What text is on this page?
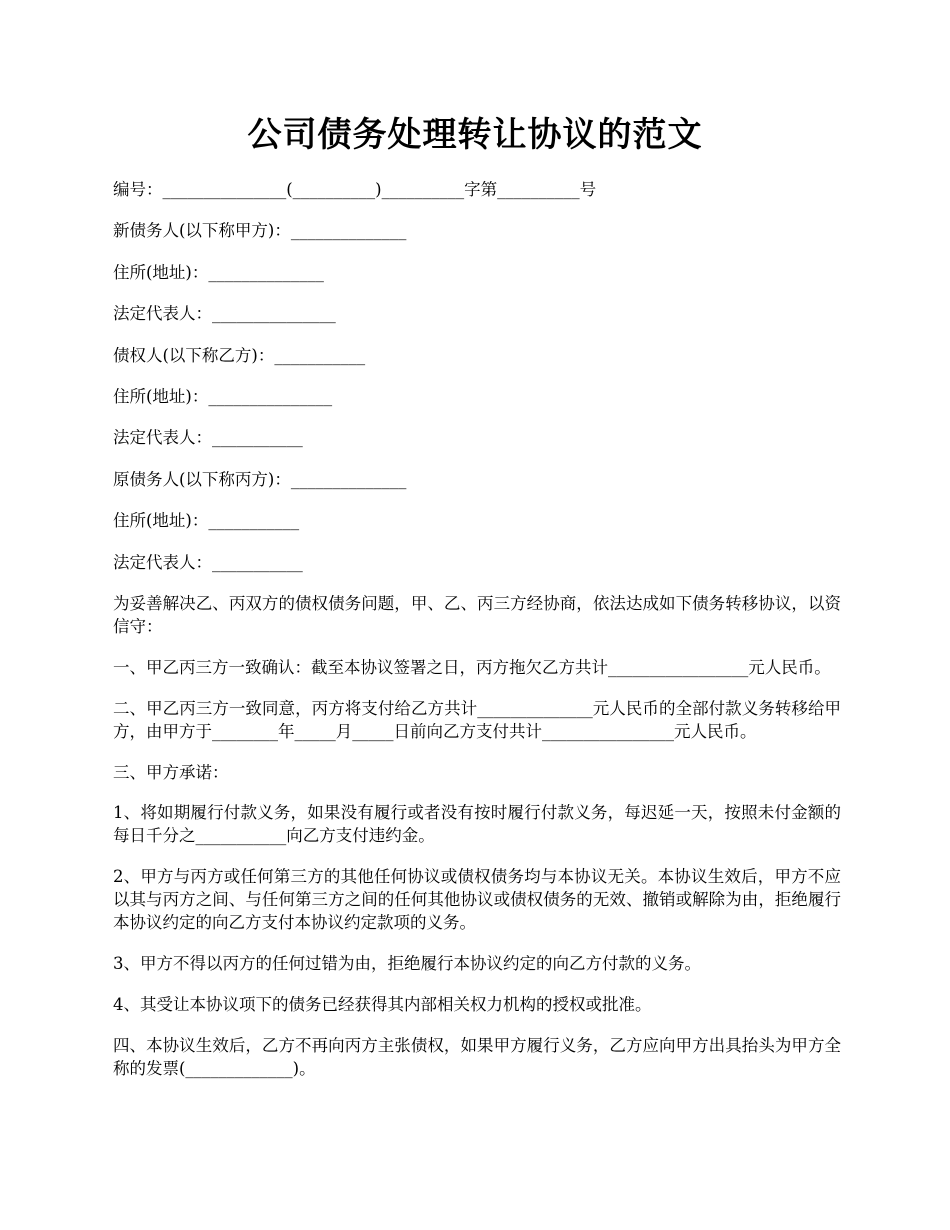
公司债务处理转让协议的范文
编号：_______________(__________)__________字第__________号
新债务人(以下称甲方)：______________
住所(地址)：______________
法定代表人：_______________
债权人(以下称乙方)：___________
住所(地址)：_______________
法定代表人：___________
原债务人(以下称丙方)：______________
住所(地址)：___________
法定代表人：___________
为妥善解决乙、丙双方的债权债务问题，甲、乙、丙三方经协商，依法达成如下债务转移协议，以资信守：
一、甲乙丙三方一致确认：截至本协议签署之日，丙方拖欠乙方共计_________________元人民币。
二、甲乙丙三方一致同意，丙方将支付给乙方共计______________元人民币的全部付款义务转移给甲方，由甲方于________年_____月_____日前向乙方支付共计________________元人民币。
三、甲方承诺：
1、将如期履行付款义务，如果没有履行或者没有按时履行付款义务，每迟延一天，按照未付金额的每日千分之___________向乙方支付违约金。
2、甲方与丙方或任何第三方的其他任何协议或债权债务均与本协议无关。本协议生效后，甲方不应以其与丙方之间、与任何第三方之间的任何其他协议或债权债务的无效、撤销或解除为由，拒绝履行本协议约定的向乙方支付本协议约定款项的义务。
3、甲方不得以丙方的任何过错为由，拒绝履行本协议约定的向乙方付款的义务。
4、其受让本协议项下的债务已经获得其内部相关权力机构的授权或批准。
四、本协议生效后，乙方不再向丙方主张债权，如果甲方履行义务，乙方应向甲方出具抬头为甲方全称的发票(_____________)。
